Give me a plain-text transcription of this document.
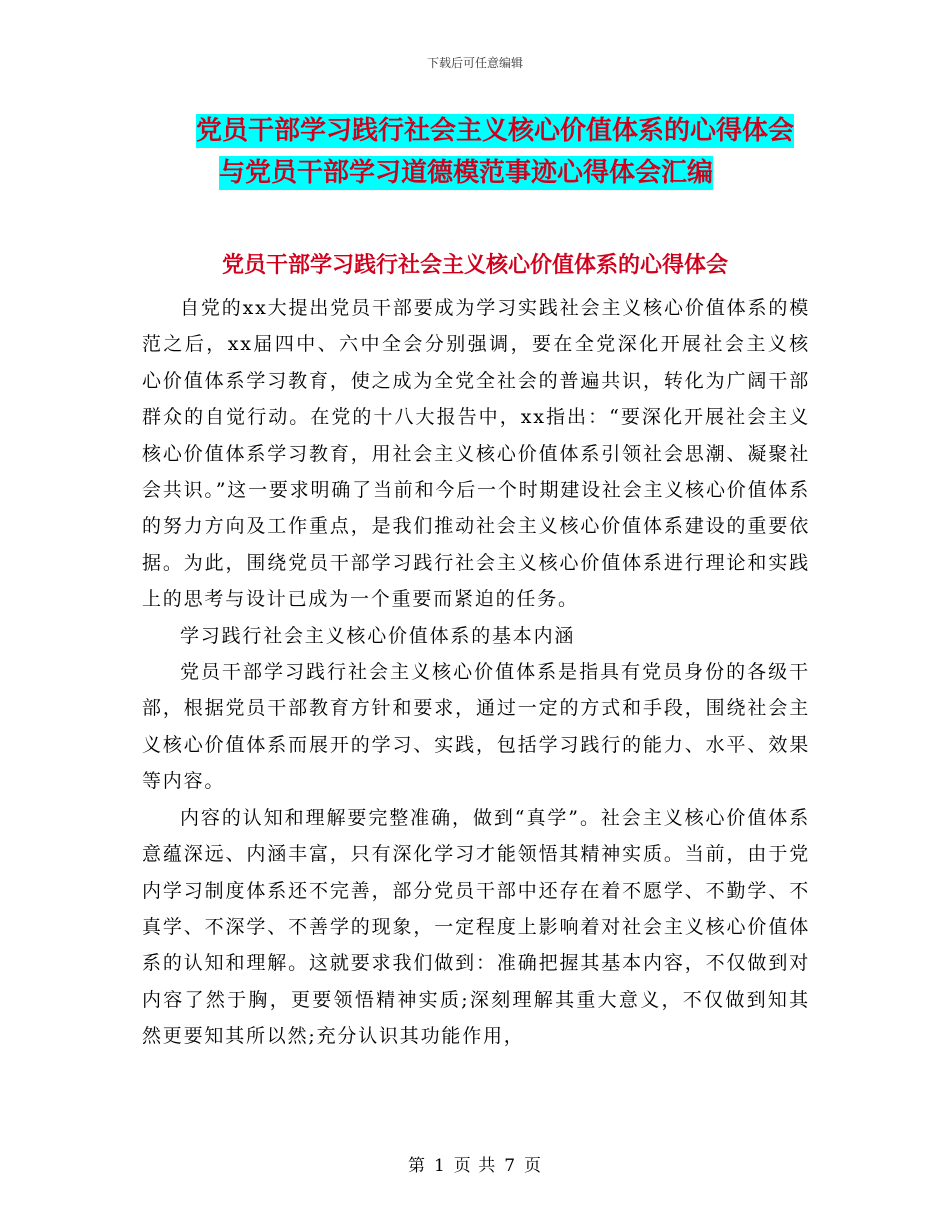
下载后可任意编辑
党员干部学习践行社会主义核心价值体系的心得体会
与党员干部学习道德模范事迹心得体会汇编
党员干部学习践行社会主义核心价值体系的心得体会

自党的xx大提出党员干部要成为学习实践社会主义核心价值体系的模范之后，xx届四中、六中全会分别强调，要在全党深化开展社会主义核心价值体系学习教育，使之成为全党全社会的普遍共识，转化为广阔干部群众的自觉行动。在党的十八大报告中，xx指出：“要深化开展社会主义核心价值体系学习教育，用社会主义核心价值体系引领社会思潮、凝聚社会共识。”这一要求明确了当前和今后一个时期建设社会主义核心价值体系的努力方向及工作重点，是我们推动社会主义核心价值体系建设的重要依据。为此，围绕党员干部学习践行社会主义核心价值体系进行理论和实践上的思考与设计已成为一个重要而紧迫的任务。

学习践行社会主义核心价值体系的基本内涵

党员干部学习践行社会主义核心价值体系是指具有党员身份的各级干部，根据党员干部教育方针和要求，通过一定的方式和手段，围绕社会主义核心价值体系而展开的学习、实践，包括学习践行的能力、水平、效果等内容。

内容的认知和理解要完整准确，做到“真学”。社会主义核心价值体系意蕴深远、内涵丰富，只有深化学习才能领悟其精神实质。当前，由于党内学习制度体系还不完善，部分党员干部中还存在着不愿学、不勤学、不真学、不深学、不善学的现象，一定程度上影响着对社会主义核心价值体系的认知和理解。这就要求我们做到：准确把握其基本内容，不仅做到对内容了然于胸，更要领悟精神实质;深刻理解其重大意义，不仅做到知其然更要知其所以然;充分认识其功能作用，

第 1 页 共 7 页
